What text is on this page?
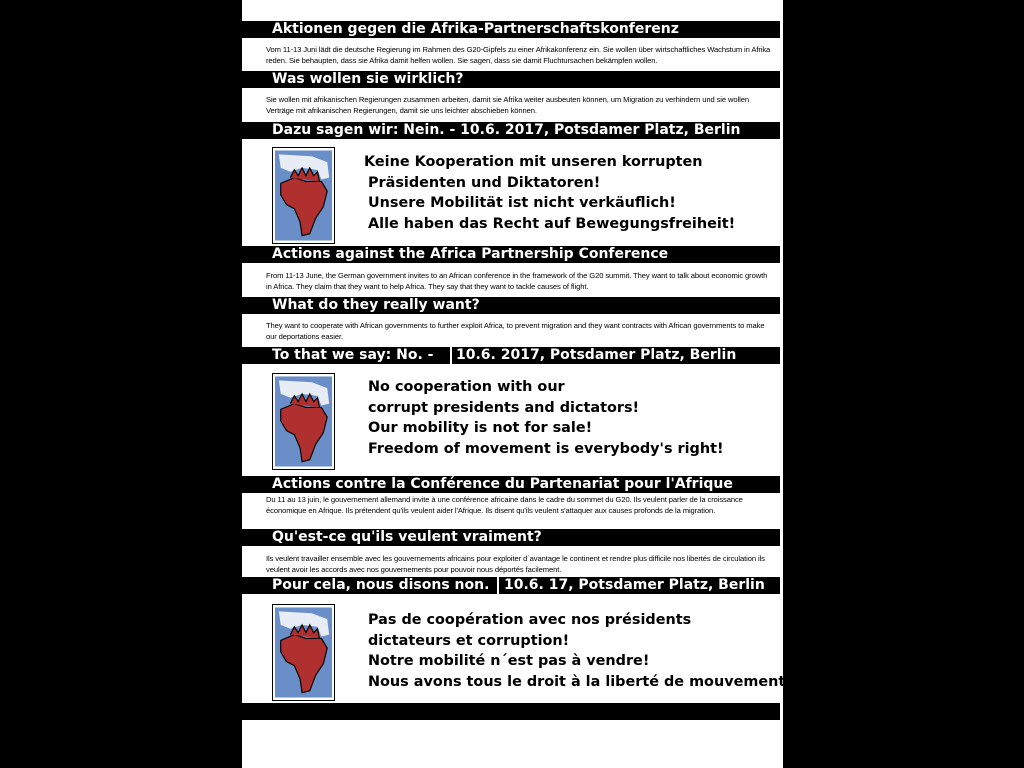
Aktionen gegen die Afrika-Partnerschaftskonferenz
Vom 11-13 Juni lädt die deutsche Regierung im Rahmen des G20-Gipfels zu einer Afrikakonferenz ein. Sie wollen über wirtschaftliches Wachstum in Afrika reden. Sie behaupten, dass sie Afrika damit helfen wollen. Sie sagen, dass sie damit Fluchtursachen bekämpfen wollen.
Was wollen sie wirklich?
Sie wollen mit afrikanischen Regierungen zusammen arbeiten, damit sie Afrika weiter ausbeuten können, um Migration zu verhindern und sie wollen Verträge mit afrikanischen Regierungen, damit sie uns leichter abschieben können.
Dazu sagen wir: Nein. - 10.6. 2017, Potsdamer Platz, Berlin
Keine Kooperation mit unseren korrupten
Präsidenten und Diktatoren!
Unsere Mobilität ist nicht verkäuflich!
Alle haben das Recht auf Bewegungsfreiheit!
Actions against the Africa Partnership Conference
From 11-13 June, the German government invites to an African conference in the framework of the G20 summit. They want to talk about economic growth in Africa. They claim that they want to help Africa. They say that they want to tackle causes of flight.
What do they really want?
They want to cooperate with African governments to further exploit Africa, to prevent migration and they want contracts with African governments to make our deportations easier.
To that we say: No. - 10.6. 2017, Potsdamer Platz, Berlin
No cooperation with our
corrupt presidents and dictators!
Our mobility is not for sale!
Freedom of movement is everybody's right!
Actions contre la Conférence du Partenariat pour l'Afrique
Du 11 au 13 juin, le gouvernement allemand invite à une conférence africaine dans le cadre du sommet du G20. Ils veulent parler de la croissance économique en Afrique. Ils prétendent qu'ils veulent aider l'Afrique. Ils disent qu'ils veulent s'attaquer aux causes profonds de la migration.
Qu'est-ce qu'ils veulent vraiment?
Ils veulent travailler ensemble avec les gouvernements africains pour exploiter d´avantage le continent et rendre plus difficile nos libertés de circulation ils veulent avoir les accords avec nos gouvernements pour pouvoir nous déportés facilement.
Pour cela, nous disons non. 10.6. 17, Potsdamer Platz, Berlin
Pas de coopération avec nos présidents
dictateurs et corruption!
Notre mobilité n´est pas à vendre!
Nous avons tous le droit à la liberté de mouvement!
